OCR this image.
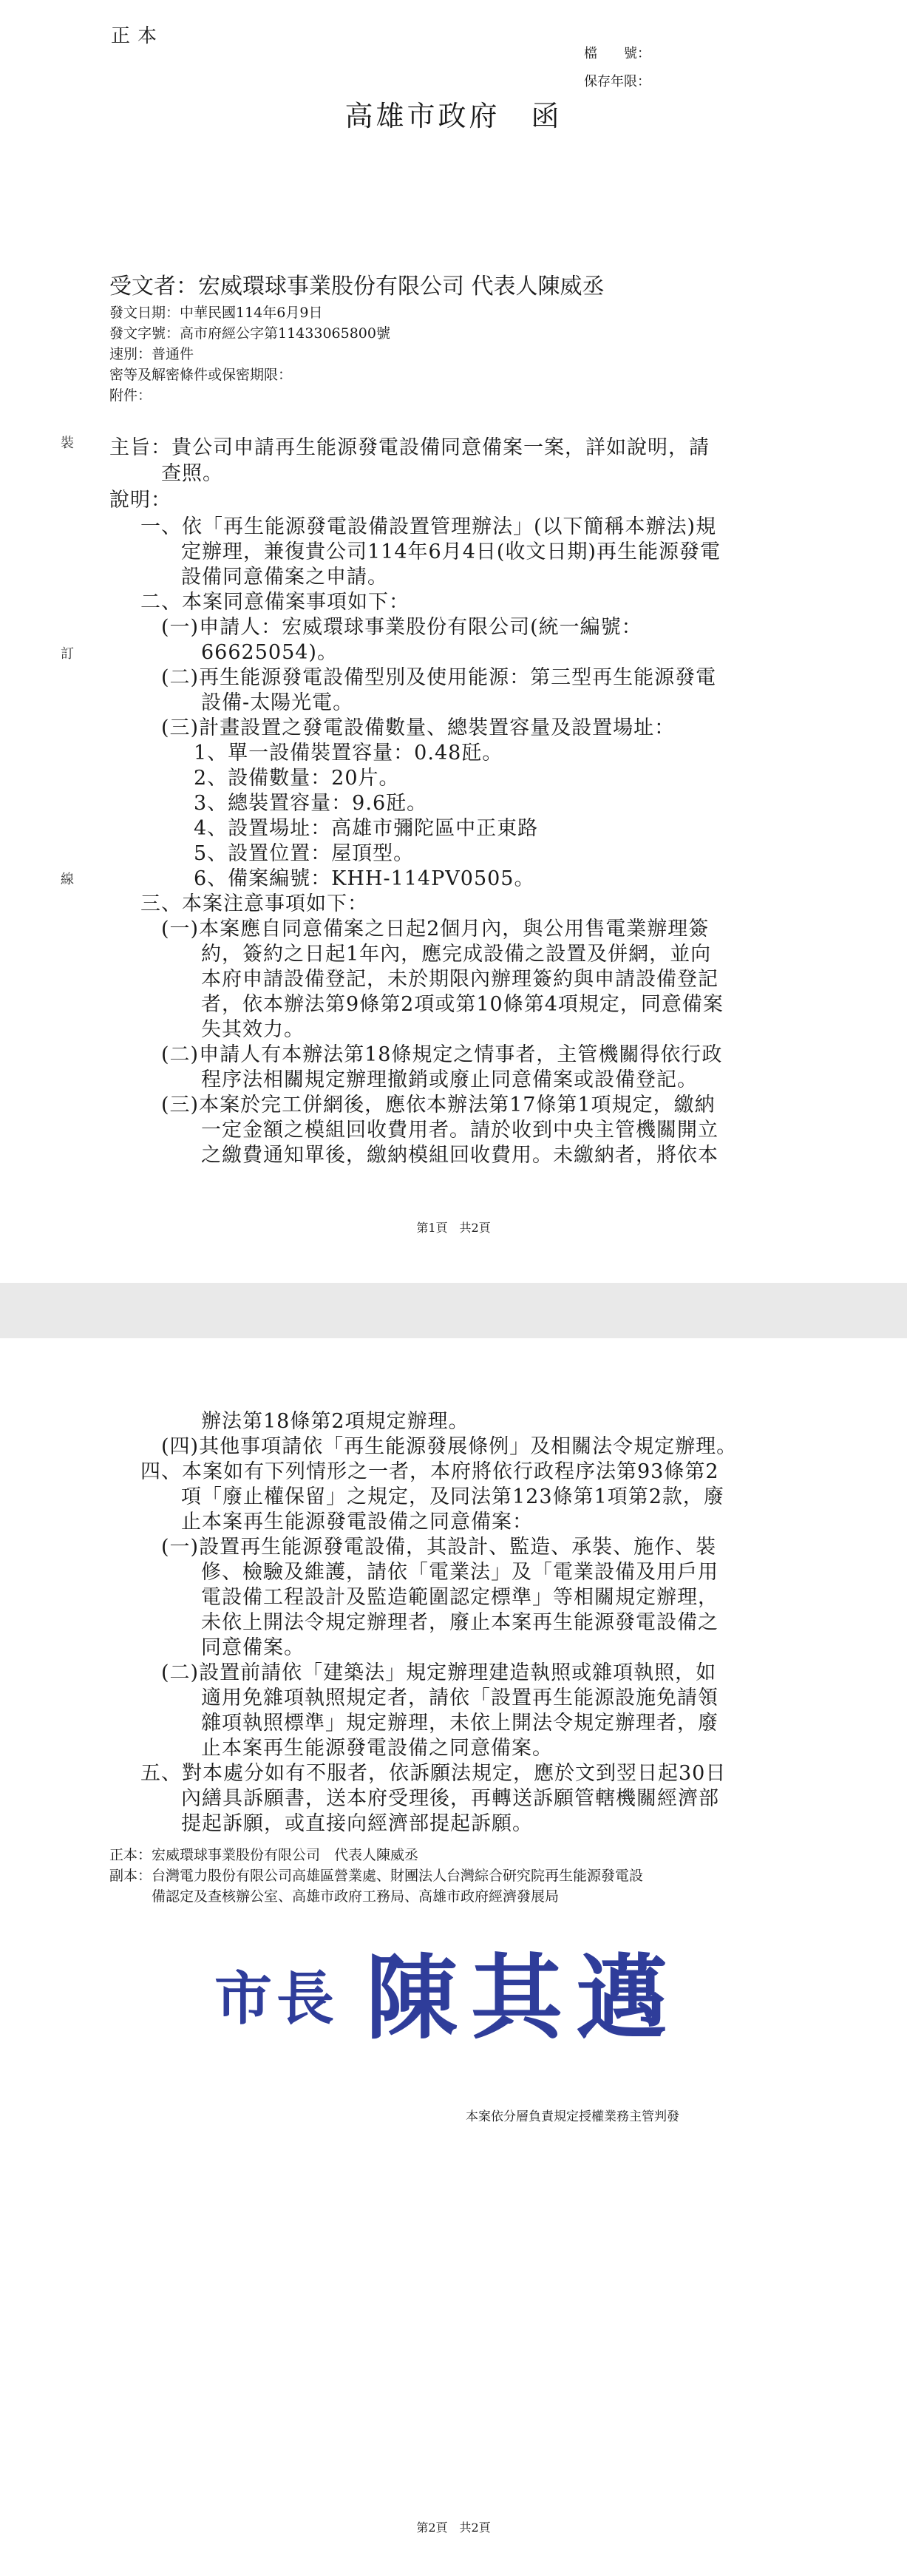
正本
檔　　號：
保存年限：
高雄市政府　函
受文者：宏威環球事業股份有限公司 代表人陳威丞
發文日期：中華民國114年6月9日
發文字號：高市府經公字第11433065800號
速別：普通件
密等及解密條件或保密期限：
附件：
裝
訂
線
主旨：貴公司申請再生能源發電設備同意備案一案，詳如說明，請
查照。
說明：
一、依「再生能源發電設備設置管理辦法」(以下簡稱本辦法)規
定辦理，兼復貴公司114年6月4日(收文日期)再生能源發電
設備同意備案之申請。
二、本案同意備案事項如下：
(一)申請人：宏威環球事業股份有限公司(統一編號：
66625054)。
(二)再生能源發電設備型別及使用能源：第三型再生能源發電
設備-太陽光電。
(三)計畫設置之發電設備數量、總裝置容量及設置場址：
1、單一設備裝置容量：0.48瓩。
2、設備數量：20片。
3、總裝置容量：9.6瓩。
4、設置場址：高雄市彌陀區中正東路
5、設置位置：屋頂型。
6、備案編號：KHH-114PV0505。
三、本案注意事項如下：
(一)本案應自同意備案之日起2個月內，與公用售電業辦理簽
約，簽約之日起1年內，應完成設備之設置及併網，並向
本府申請設備登記，未於期限內辦理簽約與申請設備登記
者，依本辦法第9條第2項或第10條第4項規定，同意備案
失其效力。
(二)申請人有本辦法第18條規定之情事者，主管機關得依行政
程序法相關規定辦理撤銷或廢止同意備案或設備登記。
(三)本案於完工併網後，應依本辦法第17條第1項規定，繳納
一定金額之模組回收費用者。請於收到中央主管機關開立
之繳費通知單後，繳納模組回收費用。未繳納者，將依本
第1頁　共2頁
辦法第18條第2項規定辦理。
(四)其他事項請依「再生能源發展條例」及相關法令規定辦理。
四、本案如有下列情形之一者，本府將依行政程序法第93條第2
項「廢止權保留」之規定，及同法第123條第1項第2款，廢
止本案再生能源發電設備之同意備案：
(一)設置再生能源發電設備，其設計、監造、承裝、施作、裝
修、檢驗及維護，請依「電業法」及「電業設備及用戶用
電設備工程設計及監造範圍認定標準」等相關規定辦理，
未依上開法令規定辦理者，廢止本案再生能源發電設備之
同意備案。
(二)設置前請依「建築法」規定辦理建造執照或雜項執照，如
適用免雜項執照規定者，請依「設置再生能源設施免請領
雜項執照標準」規定辦理，未依上開法令規定辦理者，廢
止本案再生能源發電設備之同意備案。
五、對本處分如有不服者，依訴願法規定，應於文到翌日起30日
內繕具訴願書，送本府受理後，再轉送訴願管轄機關經濟部
提起訴願，或直接向經濟部提起訴願。
正本：宏威環球事業股份有限公司　代表人陳威丞
副本：台灣電力股份有限公司高雄區營業處、財團法人台灣綜合研究院再生能源發電設
備認定及查核辦公室、高雄市政府工務局、高雄市政府經濟發展局
本案依分層負責規定授權業務主管判發
第2頁　共2頁
市長 陳其邁
